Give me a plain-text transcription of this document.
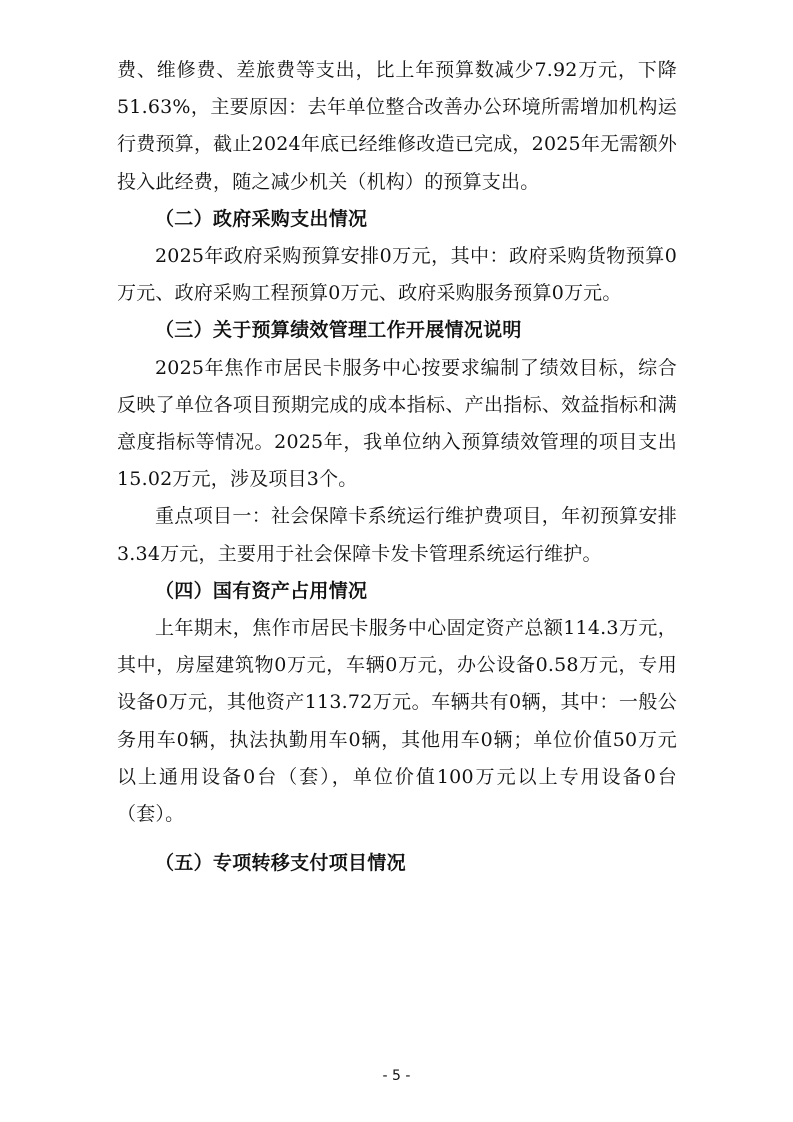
费、维修费、差旅费等支出，比上年预算数减少7.92万元，下降51.63%，主要原因：去年单位整合改善办公环境所需增加机构运行费预算，截止2024年底已经维修改造已完成，2025年无需额外投入此经费，随之减少机关（机构）的预算支出。

（二）政府采购支出情况

2025年政府采购预算安排0万元，其中：政府采购货物预算0万元、政府采购工程预算0万元、政府采购服务预算0万元。

（三）关于预算绩效管理工作开展情况说明

2025年焦作市居民卡服务中心按要求编制了绩效目标，综合反映了单位各项目预期完成的成本指标、产出指标、效益指标和满意度指标等情况。2025年，我单位纳入预算绩效管理的项目支出15.02万元，涉及项目3个。

重点项目一：社会保障卡系统运行维护费项目，年初预算安排3.34万元，主要用于社会保障卡发卡管理系统运行维护。

（四）国有资产占用情况

上年期末，焦作市居民卡服务中心固定资产总额114.3万元，其中，房屋建筑物0万元，车辆0万元，办公设备0.58万元，专用设备0万元，其他资产113.72万元。车辆共有0辆，其中：一般公务用车0辆，执法执勤用车0辆，其他用车0辆；单位价值50万元以上通用设备0台（套），单位价值100万元以上专用设备0台（套）。

（五）专项转移支付项目情况
- 5 -
